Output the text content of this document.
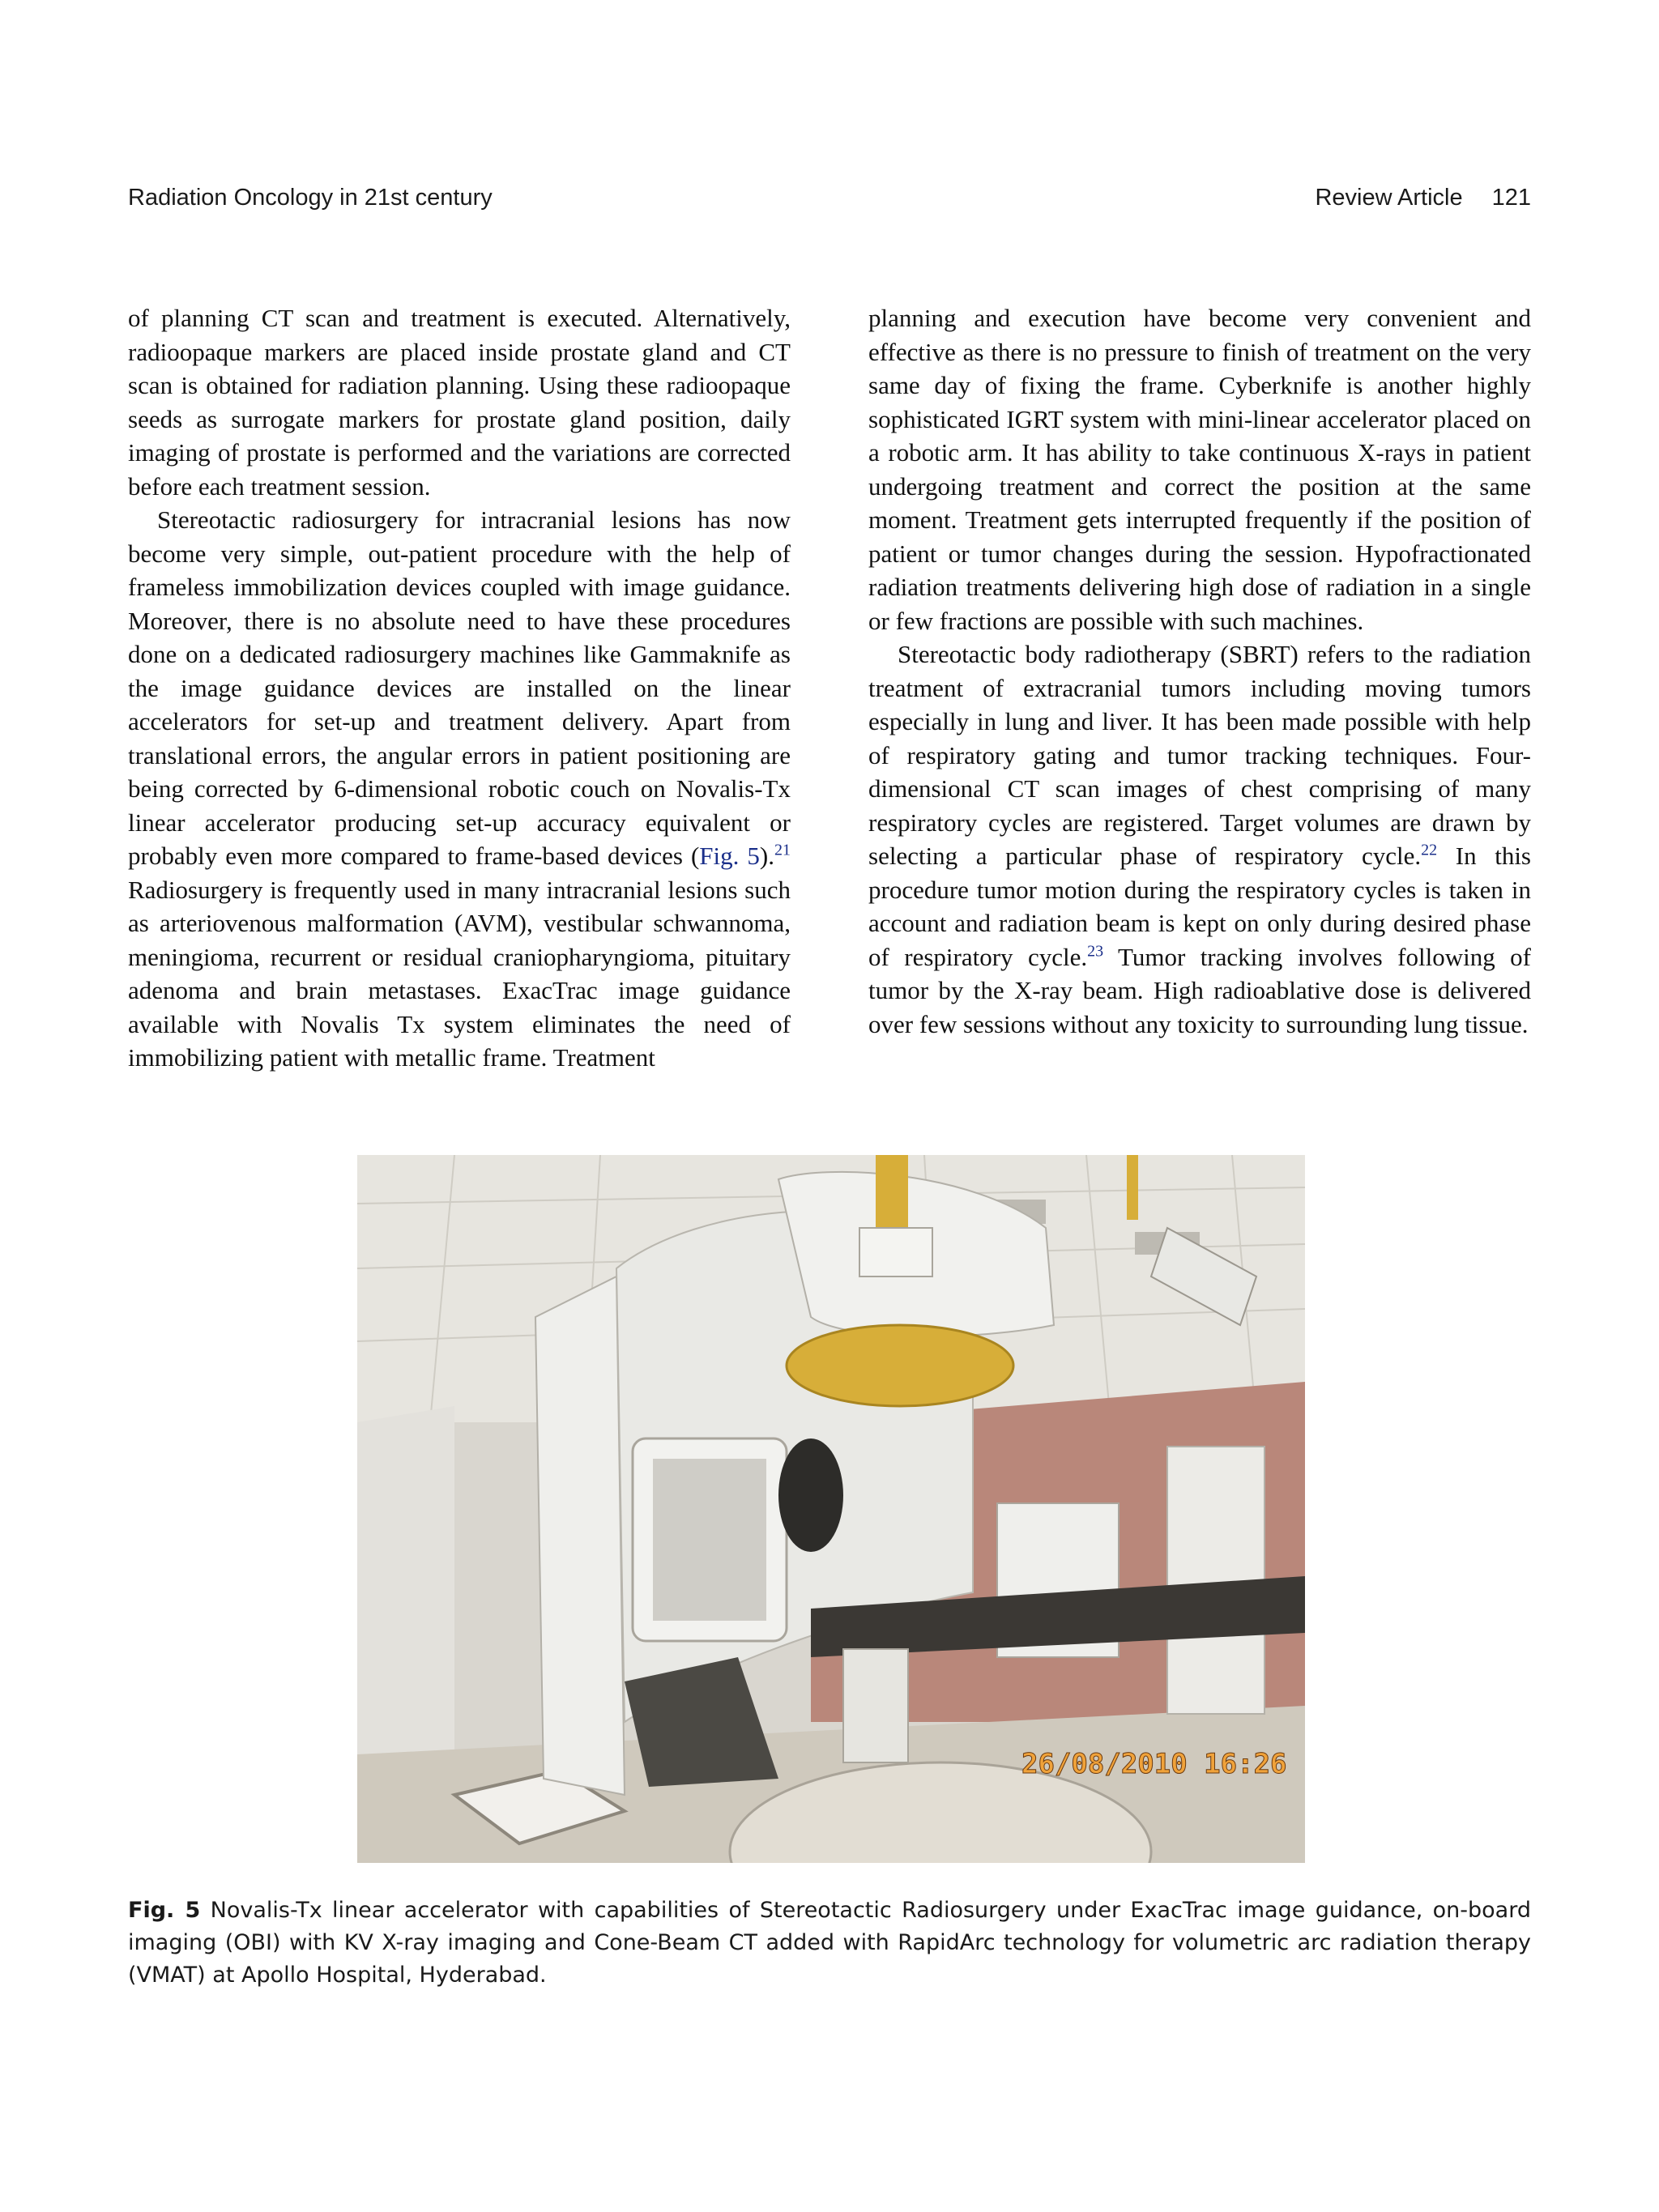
Radiation Oncology in 21st century	Review Article 121

of planning CT scan and treatment is executed. Alternatively, radioopaque markers are placed inside prostate gland and CT scan is obtained for radiation planning. Using these radioopaque seeds as surrogate markers for prostate gland position, daily imaging of prostate is performed and the variations are corrected before each treatment session.

Stereotactic radiosurgery for intracranial lesions has now become very simple, out-patient procedure with the help of frameless immobilization devices coupled with image guidance. Moreover, there is no absolute need to have these procedures done on a dedicated radiosurgery machines like Gammaknife as the image guidance devices are installed on the linear accelerators for set-up and treatment delivery. Apart from translational errors, the angular errors in patient positioning are being corrected by 6-dimensional robotic couch on Novalis-Tx linear accelerator producing set-up accuracy equivalent or probably even more compared to frame-based devices (Fig. 5).$^{21}$ Radiosurgery is frequently used in many intracranial lesions such as arteriovenous malformation (AVM), vestibular schwannoma, meningioma, recurrent or residual craniopharyngioma, pituitary adenoma and brain metastases. ExacTrac image guidance available with Novalis Tx system eliminates the need of immobilizing patient with metallic frame. Treatment

planning and execution have become very convenient and effective as there is no pressure to finish of treatment on the very same day of fixing the frame. Cyberknife is another highly sophisticated IGRT system with mini-linear accelerator placed on a robotic arm. It has ability to take continuous X-rays in patient undergoing treatment and correct the position at the same moment. Treatment gets interrupted frequently if the position of patient or tumor changes during the session. Hypofractionated radiation treatments delivering high dose of radiation in a single or few fractions are possible with such machines.

Stereotactic body radiotherapy (SBRT) refers to the radiation treatment of extracranial tumors including moving tumors especially in lung and liver. It has been made possible with help of respiratory gating and tumor tracking techniques. Four-dimensional CT scan images of chest comprising of many respiratory cycles are registered. Target volumes are drawn by selecting a particular phase of respiratory cycle.$^{22}$ In this procedure tumor motion during the respiratory cycles is taken in account and radiation beam is kept on only during desired phase of respiratory cycle.$^{23}$ Tumor tracking involves following of tumor by the X-ray beam. High radioablative dose is delivered over few sessions without any toxicity to surrounding lung tissue.

26/08/2010 16:26
Fig. 5 Novalis-Tx linear accelerator with capabilities of Stereotactic Radiosurgery under ExacTrac image guidance, on-board imaging (OBI) with KV X-ray imaging and Cone-Beam CT added with RapidArc technology for volumetric arc radiation therapy (VMAT) at Apollo Hospital, Hyderabad.
